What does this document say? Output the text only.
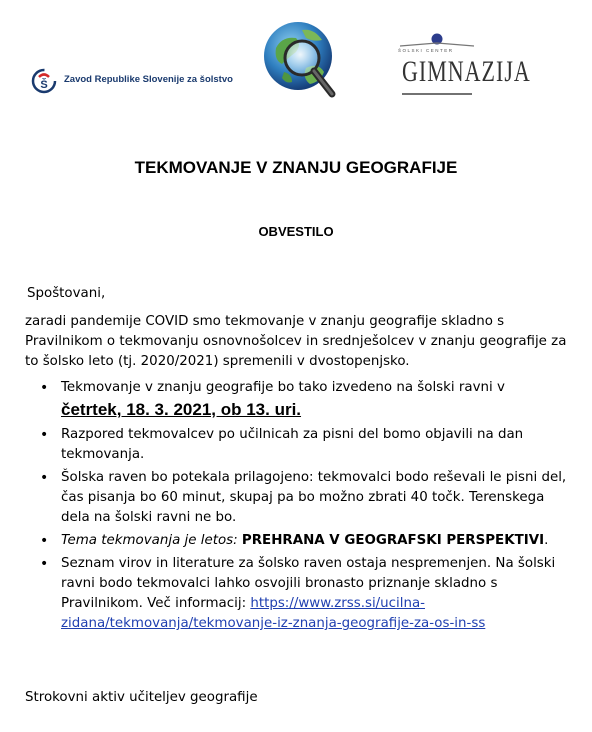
Š Zavod Republike Slovenije za šolstvo
ŠOLSKI CENTER
GIMNAZIJA
TEKMOVANJE V ZNANJU GEOGRAFIJE
OBVESTILO
Spoštovani,
zaradi pandemije COVID smo tekmovanje v znanju geografije skladno s Pravilnikom o tekmovanju osnovnošolcev in srednješolcev v znanju geografije za to šolsko leto (tj. 2020/2021) spremenili v dvostopenjsko.
• Tekmovanje v znanju geografije bo tako izvedeno na šolski ravni v
četrtek, 18. 3. 2021, ob 13. uri.
• Razpored tekmovalcev po učilnicah za pisni del bomo objavili na dan tekmovanja.
• Šolska raven bo potekala prilagojeno: tekmovalci bodo reševali le pisni del, čas pisanja bo 60 minut, skupaj pa bo možno zbrati 40 točk. Terenskega dela na šolski ravni ne bo.
• Tema tekmovanja je letos: PREHRANA V GEOGRAFSKI PERSPEKTIVI.
• Seznam virov in literature za šolsko raven ostaja nespremenjen. Na šolski ravni bodo tekmovalci lahko osvojili bronasto priznanje skladno s Pravilnikom. Več informacij: https://www.zrss.si/ucilna-zidana/tekmovanja/tekmovanje-iz-znanja-geografije-za-os-in-ss
Strokovni aktiv učiteljev geografije
